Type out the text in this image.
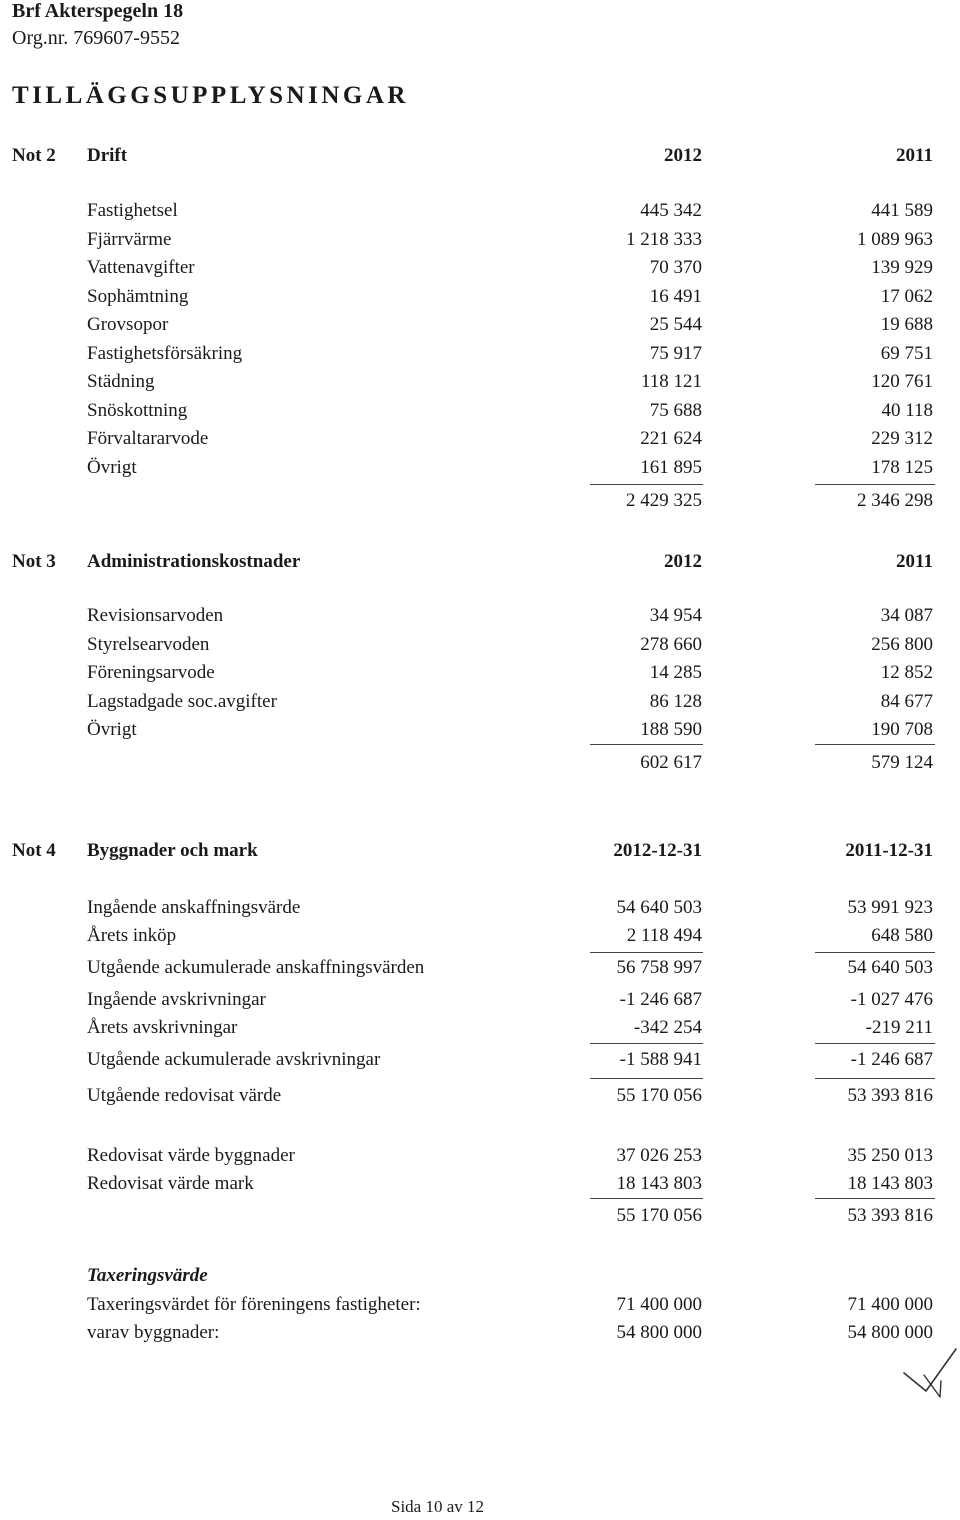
Brf Akterspegeln 18
Org.nr. 769607-9552
TILLÄGGSUPPLYSNINGAR
Not 2 Drift	2012	2011
Fastighetsel	445 342	441 589
Fjärrvärme	1 218 333	1 089 963
Vattenavgifter	70 370	139 929
Sophämtning	16 491	17 062
Grovsopor	25 544	19 688
Fastighetsförsäkring	75 917	69 751
Städning	118 121	120 761
Snöskottning	75 688	40 118
Förvaltararvode	221 624	229 312
Övrigt	161 895	178 125
2 429 325	2 346 298
Not 3 Administrationskostnader	2012	2011
Revisionsarvoden	34 954	34 087
Styrelsearvoden	278 660	256 800
Föreningsarvode	14 285	12 852
Lagstadgade soc.avgifter	86 128	84 677
Övrigt	188 590	190 708
602 617	579 124
Not 4 Byggnader och mark	2012-12-31	2011-12-31
Ingående anskaffningsvärde	54 640 503	53 991 923
Årets inköp	2 118 494	648 580
Utgående ackumulerade anskaffningsvärden	56 758 997	54 640 503
Ingående avskrivningar	-1 246 687	-1 027 476
Årets avskrivningar	-342 254	-219 211
Utgående ackumulerade avskrivningar	-1 588 941	-1 246 687
Utgående redovisat värde	55 170 056	53 393 816
Redovisat värde byggnader	37 026 253	35 250 013
Redovisat värde mark	18 143 803	18 143 803
55 170 056	53 393 816
Taxeringsvärde
Taxeringsvärdet för föreningens fastigheter:	71 400 000	71 400 000
varav byggnader:	54 800 000	54 800 000
Sida 10 av 12
